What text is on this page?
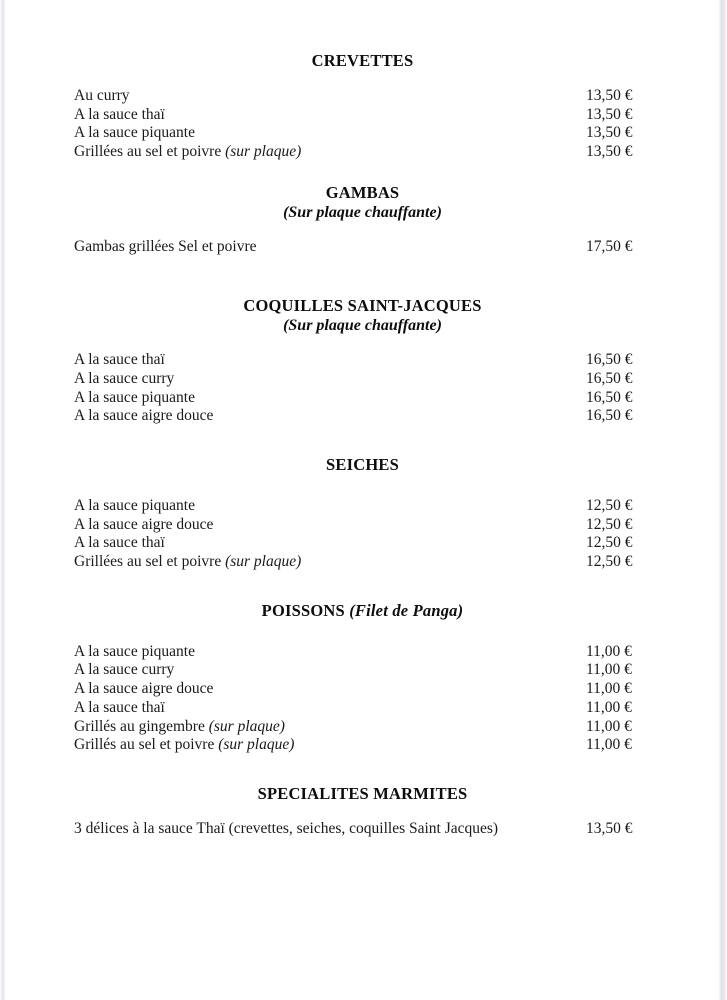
CREVETTES
Au curry	13,50 €
A la sauce thaï	13,50 €
A la sauce piquante	13,50 €
Grillées au sel et poivre (sur plaque)	13,50 €
GAMBAS
(Sur plaque chauffante)
Gambas grillées Sel et poivre	17,50 €
COQUILLES SAINT-JACQUES
(Sur plaque chauffante)
A la sauce thaï	16,50 €
A la sauce curry	16,50 €
A la sauce piquante	16,50 €
A la sauce aigre douce	16,50 €
SEICHES
A la sauce piquante	12,50 €
A la sauce aigre douce	12,50 €
A la sauce thaï	12,50 €
Grillées au sel et poivre (sur plaque)	12,50 €
POISSONS (Filet de Panga)
A la sauce piquante	11,00 €
A la sauce curry	11,00 €
A la sauce aigre douce	11,00 €
A la sauce thaï	11,00 €
Grillés au gingembre (sur plaque)	11,00 €
Grillés au sel et poivre (sur plaque)	11,00 €
SPECIALITES MARMITES
3 délices à la sauce Thaï (crevettes, seiches, coquilles Saint Jacques)	13,50 €
